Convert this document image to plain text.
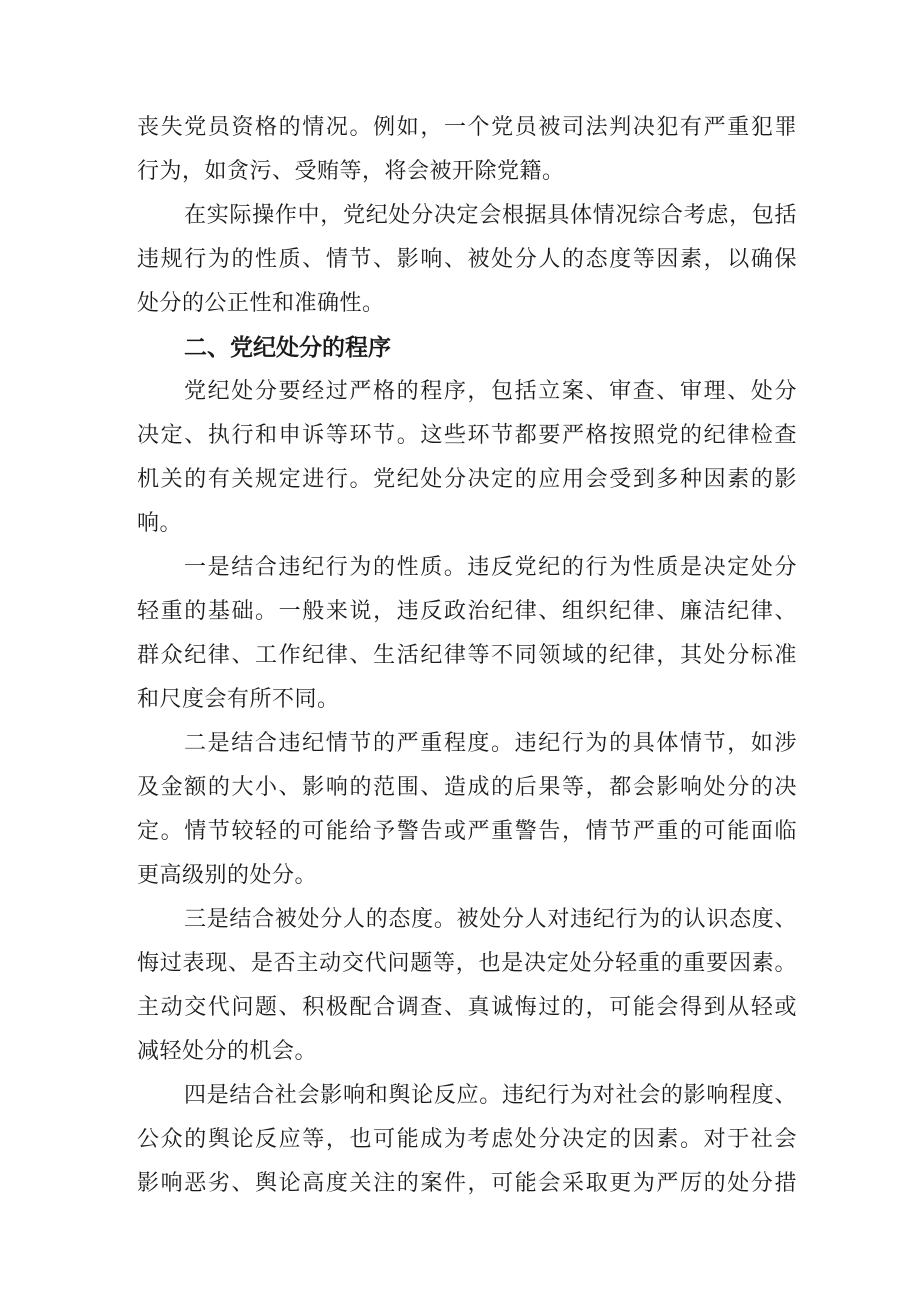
丧失党员资格的情况。例如，一个党员被司法判决犯有严重犯罪
行为，如贪污、受贿等，将会被开除党籍。
在实际操作中，党纪处分决定会根据具体情况综合考虑，包括
违规行为的性质、情节、影响、被处分人的态度等因素，以确保
处分的公正性和准确性。
二、党纪处分的程序
党纪处分要经过严格的程序，包括立案、审查、审理、处分
决定、执行和申诉等环节。这些环节都要严格按照党的纪律检查
机关的有关规定进行。党纪处分决定的应用会受到多种因素的影
响。
一是结合违纪行为的性质。违反党纪的行为性质是决定处分
轻重的基础。一般来说，违反政治纪律、组织纪律、廉洁纪律、
群众纪律、工作纪律、生活纪律等不同领域的纪律，其处分标准
和尺度会有所不同。
二是结合违纪情节的严重程度。违纪行为的具体情节，如涉
及金额的大小、影响的范围、造成的后果等，都会影响处分的决
定。情节较轻的可能给予警告或严重警告，情节严重的可能面临
更高级别的处分。
三是结合被处分人的态度。被处分人对违纪行为的认识态度、
悔过表现、是否主动交代问题等，也是决定处分轻重的重要因素。
主动交代问题、积极配合调查、真诚悔过的，可能会得到从轻或
减轻处分的机会。
四是结合社会影响和舆论反应。违纪行为对社会的影响程度、
公众的舆论反应等，也可能成为考虑处分决定的因素。对于社会
影响恶劣、舆论高度关注的案件，可能会采取更为严厉的处分措
